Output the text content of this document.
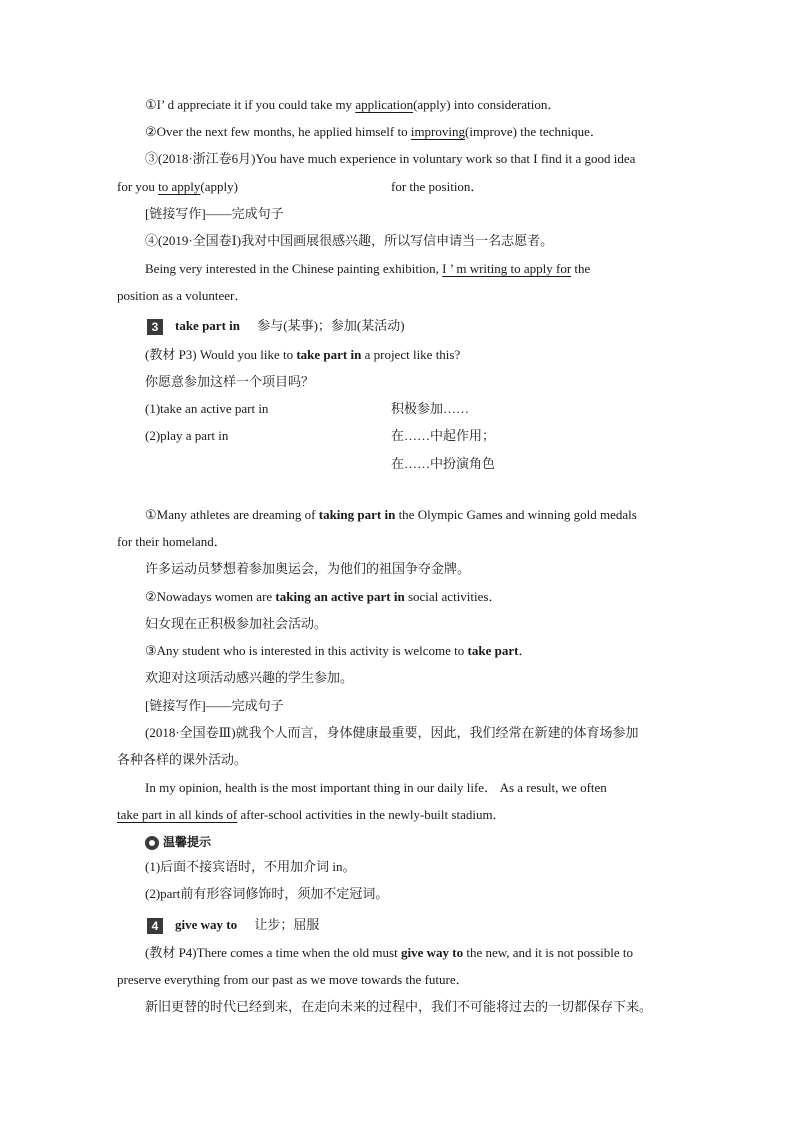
①I’ d appreciate it if you could take my application(apply) into consideration．
②Over the next few months, he applied himself to improving(improve) the technique．
③(2018·浙江卷6月)You have much experience in voluntary work so that I find it a good idea
for you to apply(apply)	for the position．
[链接写作]——完成句子
④(2019·全国卷Ⅰ)我对中国画展很感兴趣，所以写信申请当一名志愿者。
Being very interested in the Chinese painting exhibition, I ’ m writing to apply for the
position as a volunteer．
3 take part in 参与(某事)；参加(某活动)
(教材 P3) Would you like to take part in a project like this?
你愿意参加这样一个项目吗？
(1)take an active part in	积极参加……
(2)play a part in	在……中起作用；
在……中扮演角色
①Many athletes are dreaming of taking part in the Olympic Games and winning gold medals
for their homeland．
许多运动员梦想着参加奥运会，为他们的祖国争夺金牌。
②Nowadays women are taking an active part in social activities．
妇女现在正积极参加社会活动。
③Any student who is interested in this activity is welcome to take part．
欢迎对这项活动感兴趣的学生参加。
[链接写作]——完成句子
(2018·全国卷Ⅲ)就我个人而言，身体健康最重要，因此，我们经常在新建的体育场参加
各种各样的课外活动。
In my opinion, health is the most important thing in our daily life． As a result, we often
take part in all kinds of after-school activities in the newly-built stadium．
温馨提示
(1)后面不接宾语时，不用加介词 in。
(2)part前有形容词修饰时，须加不定冠词。
4 give way to 让步；屈服
(教材 P4)There comes a time when the old must give way to the new, and it is not possible to
preserve everything from our past as we move towards the future．
新旧更替的时代已经到来，在走向未来的过程中，我们不可能将过去的一切都保存下来。
